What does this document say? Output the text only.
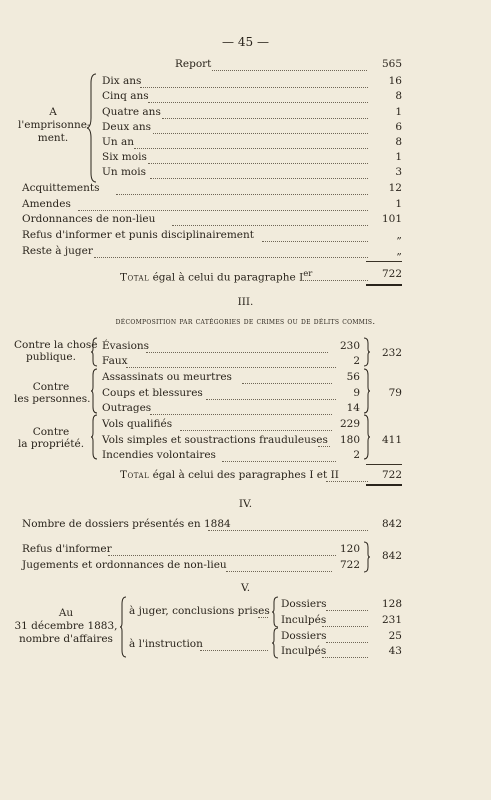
— 45 —
Report	565
A
l'emprisonne-
ment.
Dix ans	16
Cinq ans	8
Quatre ans	1
Deux ans	6
Un an	8
Six mois	1
Un mois	3
Acquittements	12
Amendes	1
Ordonnances de non-lieu	101
Refus d'informer et punis disciplinairement	„
Reste à juger	„
Total égal à celui du paragraphe Ier	722
III.
décomposition par catégories de crimes ou de délits commis.
Contre la chose
publique.
Évasions	230
Faux	2
232
Contre
les personnes.
Assassinats ou meurtres	56
Coups et blessures	9
Outrages	14
79
Contre
la propriété.
Vols qualifiés	229
Vols simples et soustractions frauduleuses	180
Incendies volontaires	2
411
Total égal à celui des paragraphes I et II	722
IV.
Nombre de dossiers présentés en 1884	842
Refus d'informer	120
Jugements et ordonnances de non-lieu	722
842
V.
Au
31 décembre 1883,
nombre d'affaires
à juger, conclusions prises
Dossiers	128
Inculpés	231
à l'instruction
Dossiers	25
Inculpés	43
